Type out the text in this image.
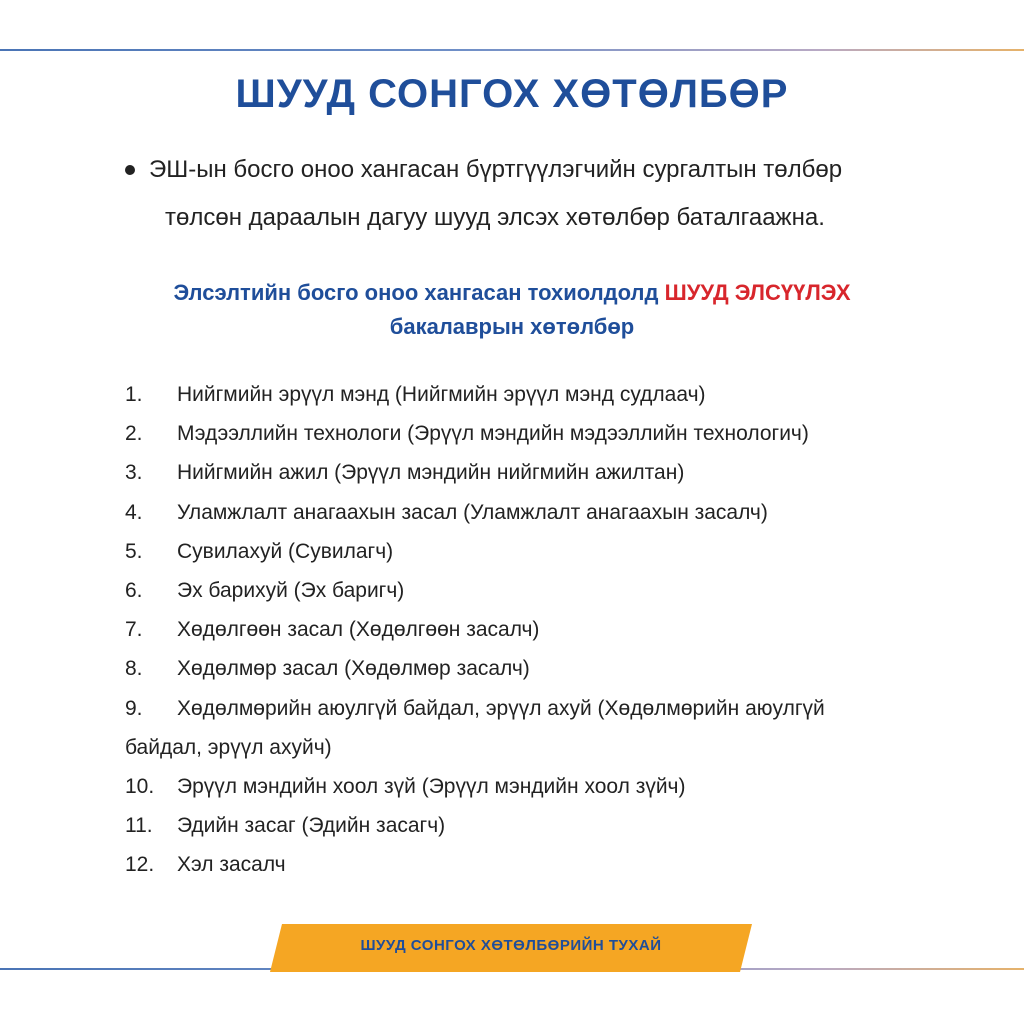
ШУУД СОНГОХ ХӨТӨЛБӨР
ЭШ-ын босго оноо хангасан бүртгүүлэгчийн сургалтын төлбөр
төлсөн дараалын дагуу шууд элсэх хөтөлбөр баталгаажна.
Элсэлтийн босго оноо хангасан тохиолдолд ШУУД ЭЛСҮҮЛЭХ
бакалаврын хөтөлбөр
1. Нийгмийн эрүүл мэнд (Нийгмийн эрүүл мэнд судлаач)
2. Мэдээллийн технологи (Эрүүл мэндийн мэдээллийн технологич)
3. Нийгмийн ажил (Эрүүл мэндийн нийгмийн ажилтан)
4. Уламжлалт анагаахын засал (Уламжлалт анагаахын засалч)
5. Сувилахуй (Сувилагч)
6. Эх барихуй (Эх баригч)
7. Хөдөлгөөн засал (Хөдөлгөөн засалч)
8. Хөдөлмөр засал (Хөдөлмөр засалч)
9. Хөдөлмөрийн аюулгүй байдал, эрүүл ахуй (Хөдөлмөрийн аюулгүй
байдал, эрүүл ахуйч)
10. Эрүүл мэндийн хоол зүй (Эрүүл мэндийн хоол зүйч)
11. Эдийн засаг (Эдийн засагч)
12. Хэл засалч
ШУУД СОНГОХ ХӨТӨЛБӨРИЙН ТУХАЙ
